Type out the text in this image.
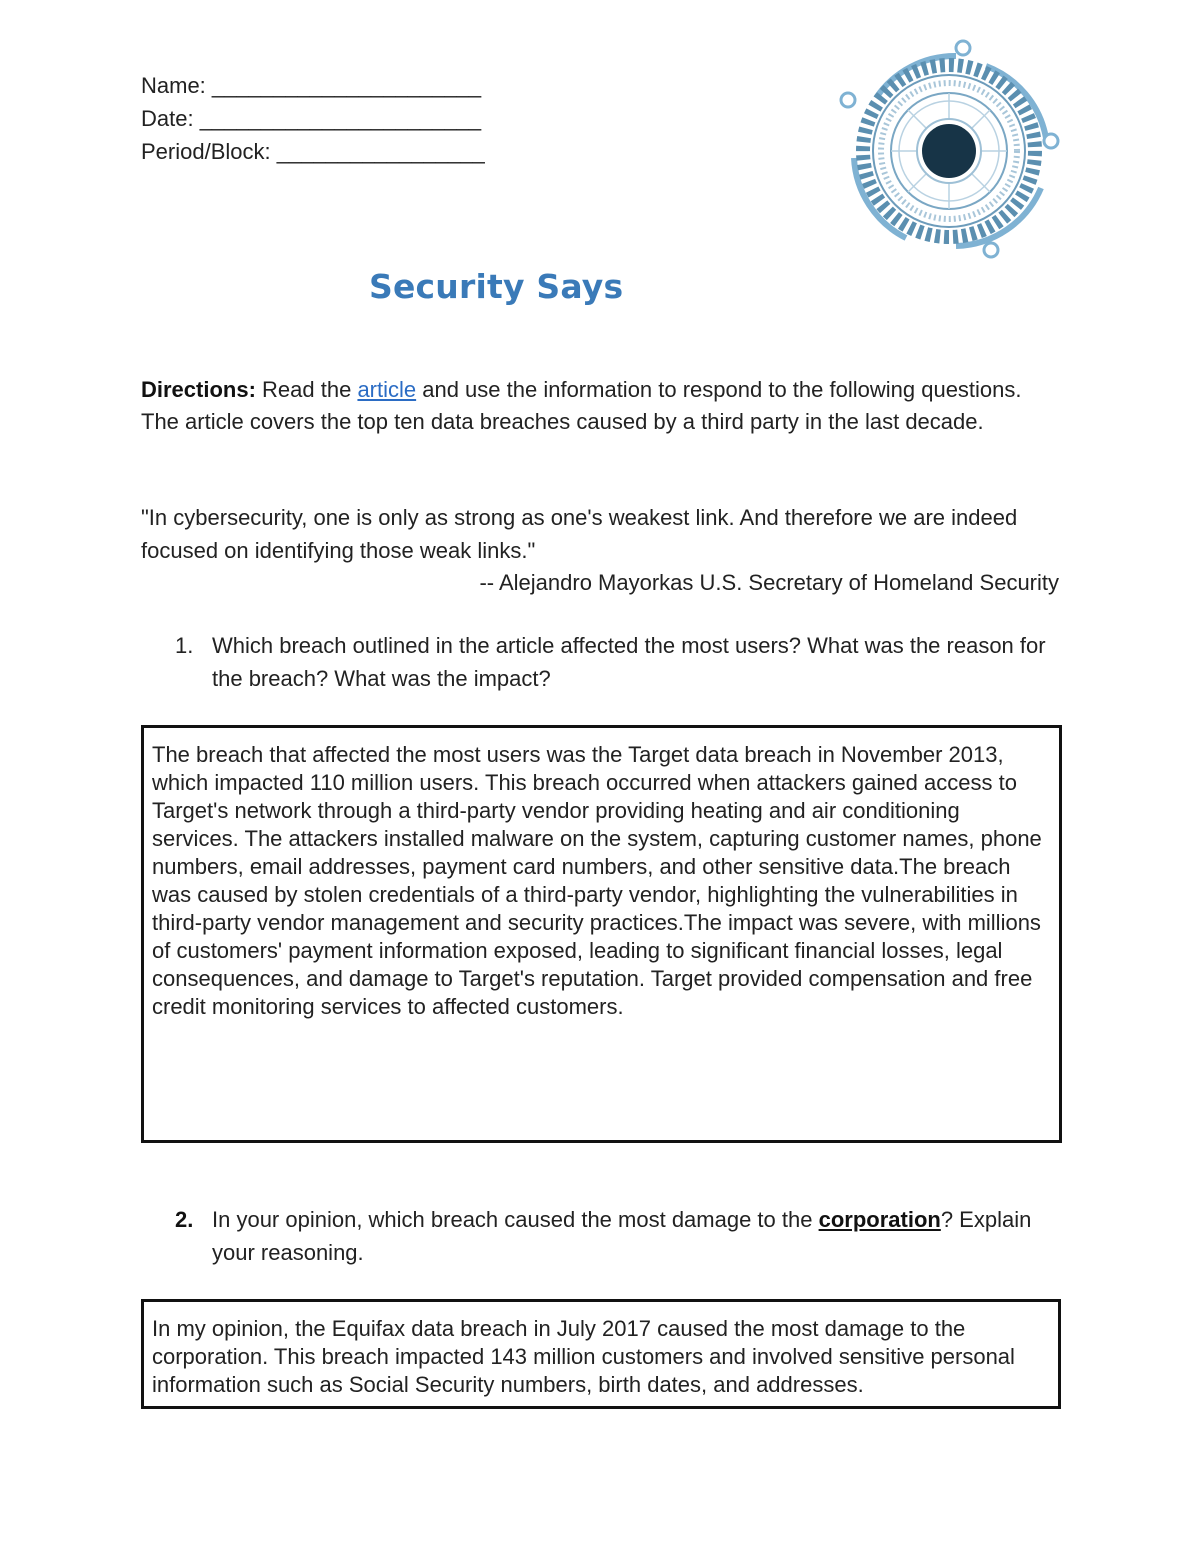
Name: ______________________
Date: _______________________
Period/Block: _________________
Security Says
Directions: Read the article and use the information to respond to the following questions. The article covers the top ten data breaches caused by a third party in the last decade.
"In cybersecurity, one is only as strong as one's weakest link. And therefore we are indeed focused on identifying those weak links."
-- Alejandro Mayorkas U.S. Secretary of Homeland Security
1. Which breach outlined in the article affected the most users? What was the reason for the breach? What was the impact?
The breach that affected the most users was the Target data breach in November 2013, which impacted 110 million users. This breach occurred when attackers gained access to Target's network through a third-party vendor providing heating and air conditioning services. The attackers installed malware on the system, capturing customer names, phone numbers, email addresses, payment card numbers, and other sensitive data.The breach was caused by stolen credentials of a third-party vendor, highlighting the vulnerabilities in third-party vendor management and security practices.The impact was severe, with millions of customers' payment information exposed, leading to significant financial losses, legal consequences, and damage to Target's reputation. Target provided compensation and free credit monitoring services to affected customers.
2. In your opinion, which breach caused the most damage to the corporation? Explain your reasoning.
In my opinion, the Equifax data breach in July 2017 caused the most damage to the corporation. This breach impacted 143 million customers and involved sensitive personal information such as Social Security numbers, birth dates, and addresses.
